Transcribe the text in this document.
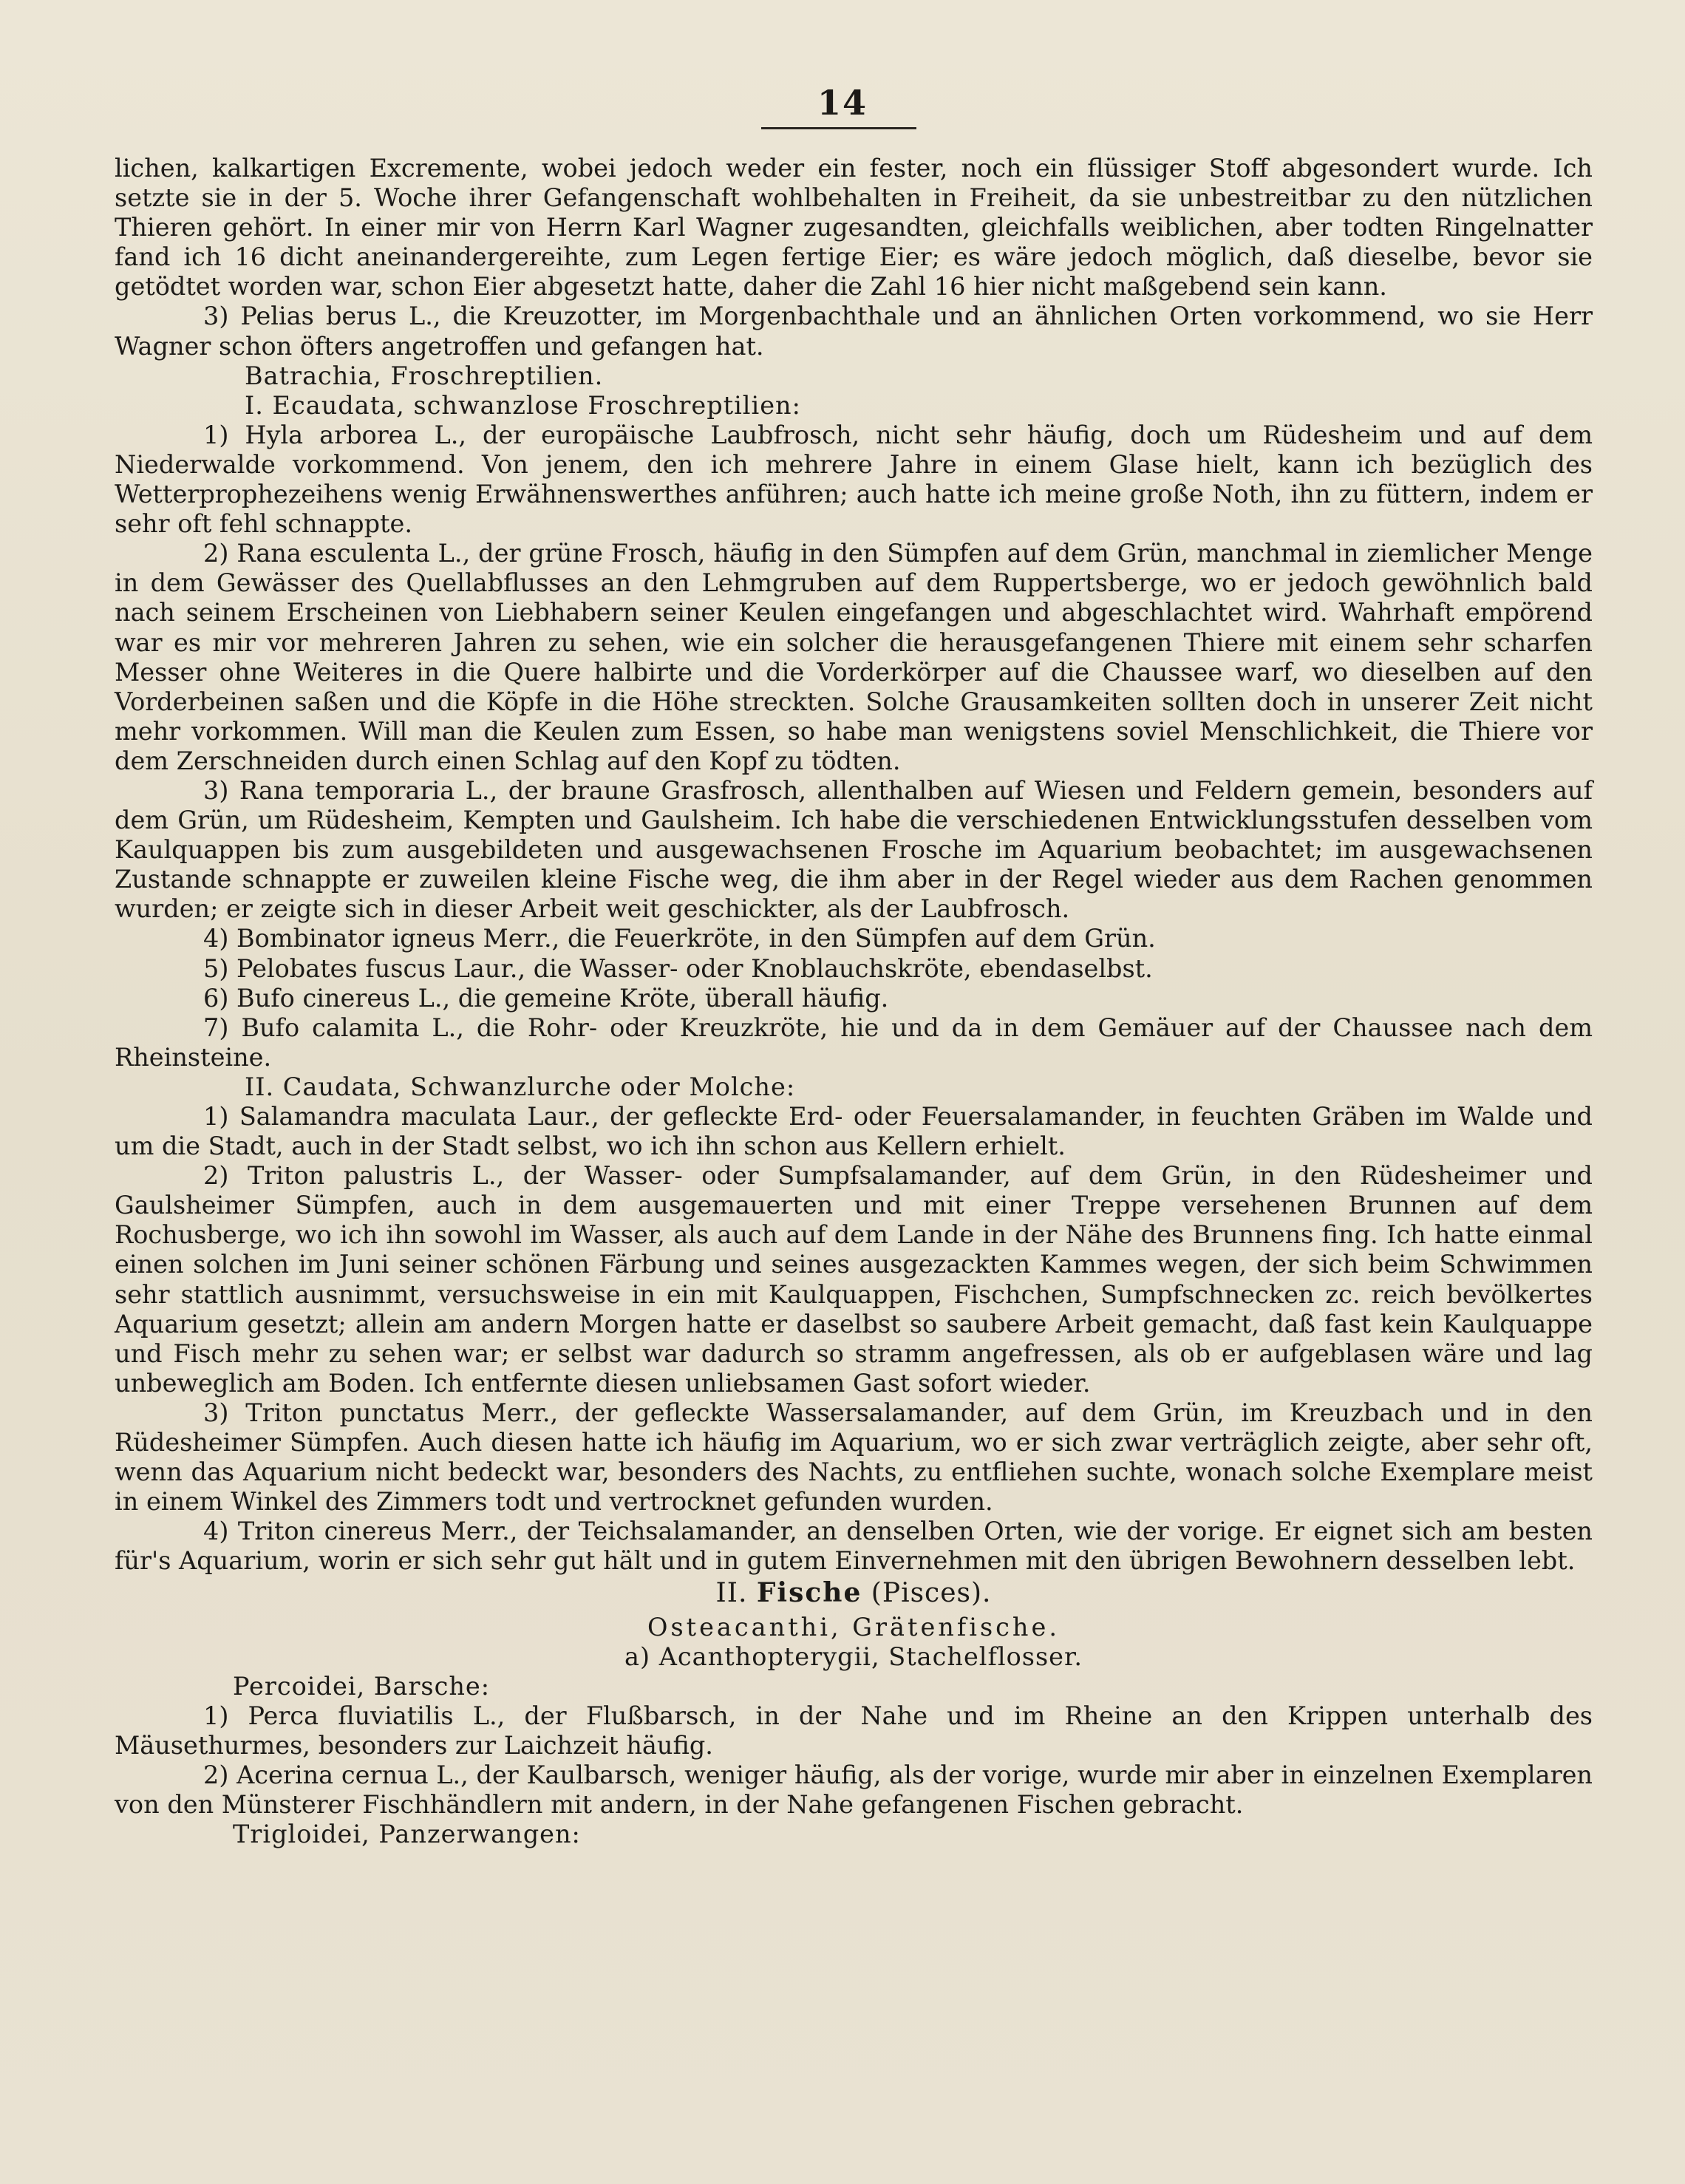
14

lichen, kalkartigen Excremente, wobei jedoch weder ein fester, noch ein flüssiger Stoff abgesondert wurde. Ich setzte sie in der 5. Woche ihrer Gefangenschaft wohlbehalten in Freiheit, da sie unbestreitbar zu den nützlichen Thieren gehört. In einer mir von Herrn Karl Wagner zugesandten, gleichfalls weiblichen, aber todten Ringelnatter fand ich 16 dicht aneinandergereihte, zum Legen fertige Eier; es wäre jedoch möglich, daß dieselbe, bevor sie getödtet worden war, schon Eier abgesetzt hatte, daher die Zahl 16 hier nicht maßgebend sein kann.

3) Pelias berus L., die Kreuzotter, im Morgenbachthale und an ähnlichen Orten vorkommend, wo sie Herr Wagner schon öfters angetroffen und gefangen hat.

Batrachia, Froschreptilien.

I. Ecaudata, schwanzlose Froschreptilien:

1) Hyla arborea L., der europäische Laubfrosch, nicht sehr häufig, doch um Rüdesheim und auf dem Niederwalde vorkommend. Von jenem, den ich mehrere Jahre in einem Glase hielt, kann ich bezüglich des Wetterprophezeihens wenig Erwähnenswerthes anführen; auch hatte ich meine große Noth, ihn zu füttern, indem er sehr oft fehl schnappte.

2) Rana esculenta L., der grüne Frosch, häufig in den Sümpfen auf dem Grün, manchmal in ziemlicher Menge in dem Gewässer des Quellabflusses an den Lehmgruben auf dem Ruppertsberge, wo er jedoch gewöhnlich bald nach seinem Erscheinen von Liebhabern seiner Keulen eingefangen und abgeschlachtet wird. Wahrhaft empörend war es mir vor mehreren Jahren zu sehen, wie ein solcher die herausgefangenen Thiere mit einem sehr scharfen Messer ohne Weiteres in die Quere halbirte und die Vorderkörper auf die Chaussee warf, wo dieselben auf den Vorderbeinen saßen und die Köpfe in die Höhe streckten. Solche Grausamkeiten sollten doch in unserer Zeit nicht mehr vorkommen. Will man die Keulen zum Essen, so habe man wenigstens soviel Menschlichkeit, die Thiere vor dem Zerschneiden durch einen Schlag auf den Kopf zu tödten.

3) Rana temporaria L., der braune Grasfrosch, allenthalben auf Wiesen und Feldern gemein, besonders auf dem Grün, um Rüdesheim, Kempten und Gaulsheim. Ich habe die verschiedenen Entwicklungsstufen desselben vom Kaulquappen bis zum ausgebildeten und ausgewachsenen Frosche im Aquarium beobachtet; im ausgewachsenen Zustande schnappte er zuweilen kleine Fische weg, die ihm aber in der Regel wieder aus dem Rachen genommen wurden; er zeigte sich in dieser Arbeit weit geschickter, als der Laubfrosch.

4) Bombinator igneus Merr., die Feuerkröte, in den Sümpfen auf dem Grün.

5) Pelobates fuscus Laur., die Wasser- oder Knoblauchskröte, ebendaselbst.

6) Bufo cinereus L., die gemeine Kröte, überall häufig.

7) Bufo calamita L., die Rohr- oder Kreuzkröte, hie und da in dem Gemäuer auf der Chaussee nach dem Rheinsteine.

II. Caudata, Schwanzlurche oder Molche:

1) Salamandra maculata Laur., der gefleckte Erd- oder Feuersalamander, in feuchten Gräben im Walde und um die Stadt, auch in der Stadt selbst, wo ich ihn schon aus Kellern erhielt.

2) Triton palustris L., der Wasser- oder Sumpfsalamander, auf dem Grün, in den Rüdesheimer und Gaulsheimer Sümpfen, auch in dem ausgemauerten und mit einer Treppe versehenen Brunnen auf dem Rochusberge, wo ich ihn sowohl im Wasser, als auch auf dem Lande in der Nähe des Brunnens fing. Ich hatte einmal einen solchen im Juni seiner schönen Färbung und seines ausgezackten Kammes wegen, der sich beim Schwimmen sehr stattlich ausnimmt, versuchsweise in ein mit Kaulquappen, Fischchen, Sumpfschnecken zc. reich bevölkertes Aquarium gesetzt; allein am andern Morgen hatte er daselbst so saubere Arbeit gemacht, daß fast kein Kaulquappe und Fisch mehr zu sehen war; er selbst war dadurch so stramm angefressen, als ob er aufgeblasen wäre und lag unbeweglich am Boden. Ich entfernte diesen unliebsamen Gast sofort wieder.

3) Triton punctatus Merr., der gefleckte Wassersalamander, auf dem Grün, im Kreuzbach und in den Rüdesheimer Sümpfen. Auch diesen hatte ich häufig im Aquarium, wo er sich zwar verträglich zeigte, aber sehr oft, wenn das Aquarium nicht bedeckt war, besonders des Nachts, zu entfliehen suchte, wonach solche Exemplare meist in einem Winkel des Zimmers todt und vertrocknet gefunden wurden.

4) Triton cinereus Merr., der Teichsalamander, an denselben Orten, wie der vorige. Er eignet sich am besten für's Aquarium, worin er sich sehr gut hält und in gutem Einvernehmen mit den übrigen Bewohnern desselben lebt.

II. Fische (Pisces).

Osteacanthi, Grätenfische.

a) Acanthopterygii, Stachelflosser.

Percoidei, Barsche:

1) Perca fluviatilis L., der Flußbarsch, in der Nahe und im Rheine an den Krippen unterhalb des Mäusethurmes, besonders zur Laichzeit häufig.

2) Acerina cernua L., der Kaulbarsch, weniger häufig, als der vorige, wurde mir aber in einzelnen Exemplaren von den Münsterer Fischhändlern mit andern, in der Nahe gefangenen Fischen gebracht.

Trigloidei, Panzerwangen:
